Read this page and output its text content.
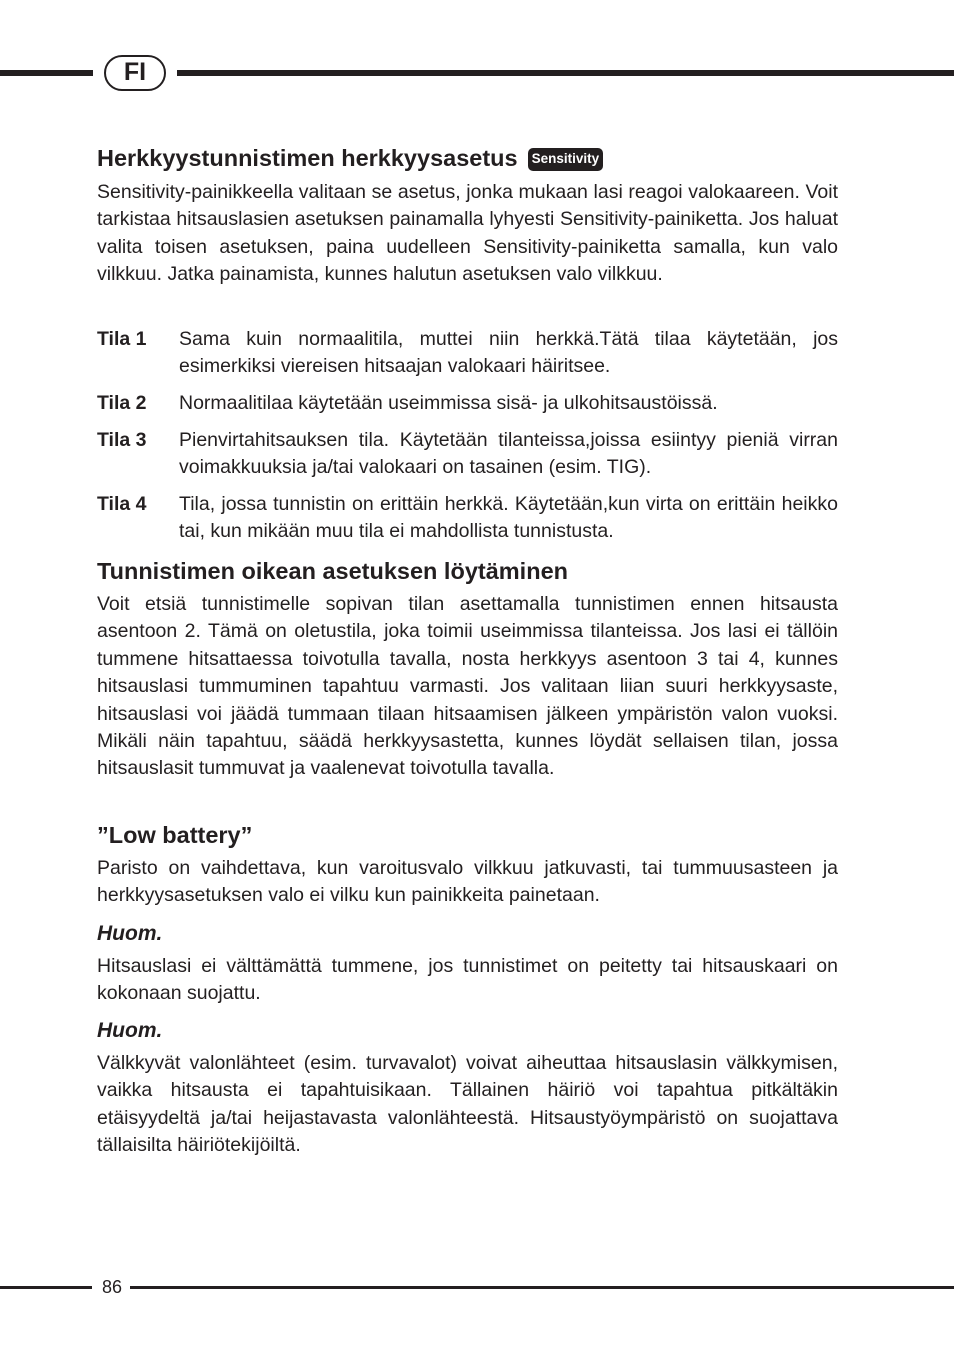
FI
Herkkyystunnistimen herkkyysasetus Sensitivity

Sensitivity-painikkeella valitaan se asetus, jonka mukaan lasi reagoi valokaareen. Voit tarkistaa hitsauslasien asetuksen painamalla lyhyesti Sensitivity-painiketta. Jos haluat valita toisen asetuksen, paina uudelleen Sensitivity-painiketta samalla, kun valo vilkkuu. Jatka painamista, kunnes halutun asetuksen valo vilkkuu.

Tila 1 Sama kuin normaalitila, muttei niin herkkä.Tätä tilaa käytetään, jos esimerkiksi viereisen hitsaajan valokaari häiritsee.
Tila 2 Normaalitilaa käytetään useimmissa sisä- ja ulkohitsaustöissä.
Tila 3 Pienvirtahitsauksen tila. Käytetään tilanteissa,joissa esiintyy pieniä virran voimakkuuksia ja/tai valokaari on tasainen (esim. TIG).
Tila 4 Tila, jossa tunnistin on erittäin herkkä. Käytetään,kun virta on erittäin heikko tai, kun mikään muu tila ei mahdollista tunnistusta.
Tunnistimen oikean asetuksen löytäminen

Voit etsiä tunnistimelle sopivan tilan asettamalla tunnistimen ennen hitsausta asentoon 2. Tämä on oletustila, joka toimii useimmissa tilanteissa. Jos lasi ei tällöin tummene hitsattaessa toivotulla tavalla, nosta herkkyys asentoon 3 tai 4, kunnes hitsauslasi tummuminen tapahtuu varmasti. Jos valitaan liian suuri herkkyysaste, hitsauslasi voi jäädä tummaan tilaan hitsaamisen jälkeen ympäristön valon vuoksi. Mikäli näin tapahtuu, säädä herkkyysastetta, kunnes löydät sellaisen tilan, jossa hitsauslasit tummuvat ja vaalenevat toivotulla tavalla.

”Low battery”

Paristo on vaihdettava, kun varoitusvalo vilkkuu jatkuvasti, tai tummuusasteen ja herkkyysasetuksen valo ei vilku kun painikkeita painetaan.

Huom.

Hitsauslasi ei välttämättä tummene, jos tunnistimet on peitetty tai hitsauskaari on kokonaan suojattu.

Huom.

Välkkyvät valonlähteet (esim. turvavalot) voivat aiheuttaa hitsauslasin välkkymisen, vaikka hitsausta ei tapahtuisikaan. Tällainen häiriö voi tapahtua pitkältäkin etäisyydeltä ja/tai heijastavasta valonlähteestä. Hitsaustyöympäristö on suojattava tällaisilta häiriötekijöiltä.

86
